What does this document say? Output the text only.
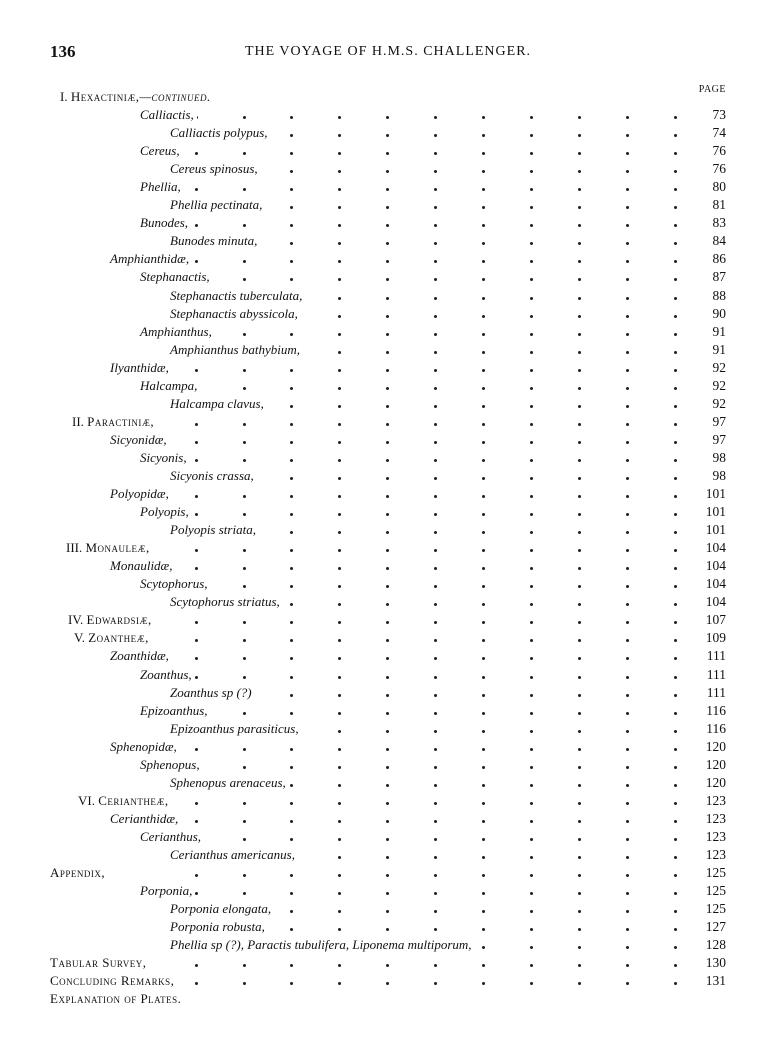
136	THE VOYAGE OF H.M.S. CHALLENGER.
PAGE
I. Hexactiniæ,—continued.
Calliactis,	73
Calliactis polypus,	74
Cereus,	76
Cereus spinosus,	76
Phellia,	80
Phellia pectinata,	81
Bunodes,	83
Bunodes minuta,	84
Amphianthidæ,	86
Stephanactis,	87
Stephanactis tuberculata,	88
Stephanactis abyssicola,	90
Amphianthus,	91
Amphianthus bathybium,	91
Ilyanthidæ,	92
Halcampa,	92
Halcampa clavus,	92
II. Paractiniæ,	97
Sicyonidæ,	97
Sicyonis,	98
Sicyonis crassa,	98
Polyopidæ,	101
Polyopis,	101
Polyopis striata,	101
III. Monauleæ,	104
Monaulidæ,	104
Scytophorus,	104
Scytophorus striatus,	104
IV. Edwardsiæ,	107
V. Zoantheæ,	109
Zoanthidæ,	111
Zoanthus,	111
Zoanthus sp (?)	111
Epizoanthus,	116
Epizoanthus parasiticus,	116
Sphenopidæ,	120
Sphenopus,	120
Sphenopus arenaceus,	120
VI. Ceriantheæ,	123
Cerianthidæ,	123
Cerianthus,	123
Cerianthus americanus,	123
Appendix,	125
Porponia,	125
Porponia elongata,	125
Porponia robusta,	127
Phellia sp (?), Paractis tubulifera, Liponema multiporum,	128
Tabular Survey,	130
Concluding Remarks,	131
Explanation of Plates.
